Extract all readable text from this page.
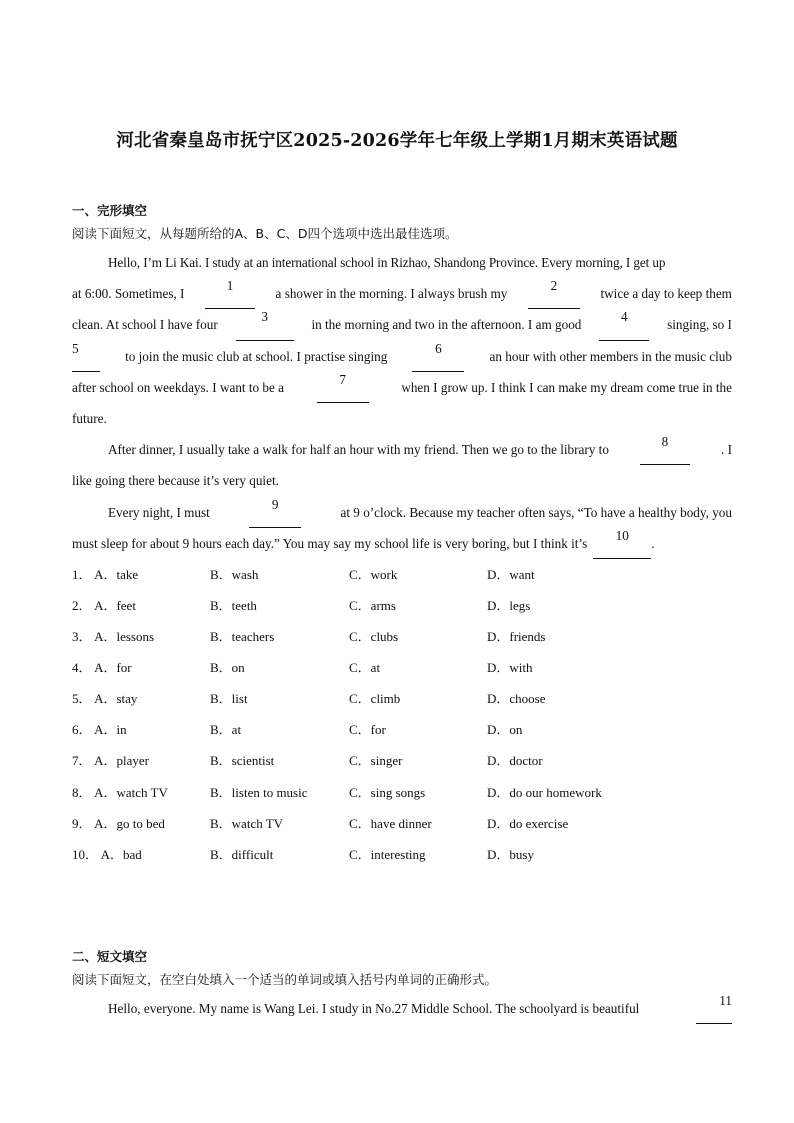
河北省秦皇岛市抚宁区2025-2026学年七年级上学期1月期末英语试题
一、完形填空
阅读下面短文，从每题所给的A、B、C、D四个选项中选出最佳选项。
Hello, I’m Li Kai. I study at an international school in Rizhao, Shandong Province. Every morning, I get up
at 6:00. Sometimes, I
1
a shower in the morning. I always brush my
2
twice a day to keep them
clean. At school I have four
3
in the morning and two in the afternoon. I am good
4
singing, so I
5
to join the music club at school. I practise singing
6
an hour with other members in the music club
after school on weekdays. I want to be a
7
when I grow up. I think I can make my dream come true in the
future.
After dinner, I usually take a walk for half an hour with my friend. Then we go to the library to
8
. I
like going there because it’s very quiet.
Every night, I must
9
at 9 o’clock. Because my teacher often says, “To have a healthy body, you
must sleep for about 9 hours each day.” You may say my school life is very boring, but I think it’s
10
.
1． A．take	B．wash	C．work	D．want
2． A．feet	B．teeth	C．arms	D．legs
3． A．lessons	B．teachers	C．clubs	D．friends
4． A．for	B．on	C．at	D．with
5． A．stay	B．list	C．climb	D．choose
6． A．in	B．at	C．for	D．on
7． A．player	B．scientist	C．singer	D．doctor
8． A．watch TV	B．listen to music	C．sing songs	D．do our homework
9． A．go to bed	B．watch TV	C．have dinner	D．do exercise
10． A．bad	B．difficult	C．interesting	D．busy
二、短文填空
阅读下面短文，在空白处填入一个适当的单词或填入括号内单词的正确形式。
Hello, everyone. My name is Wang Lei. I study in No.27 Middle School. The schoolyard is beautiful
11
